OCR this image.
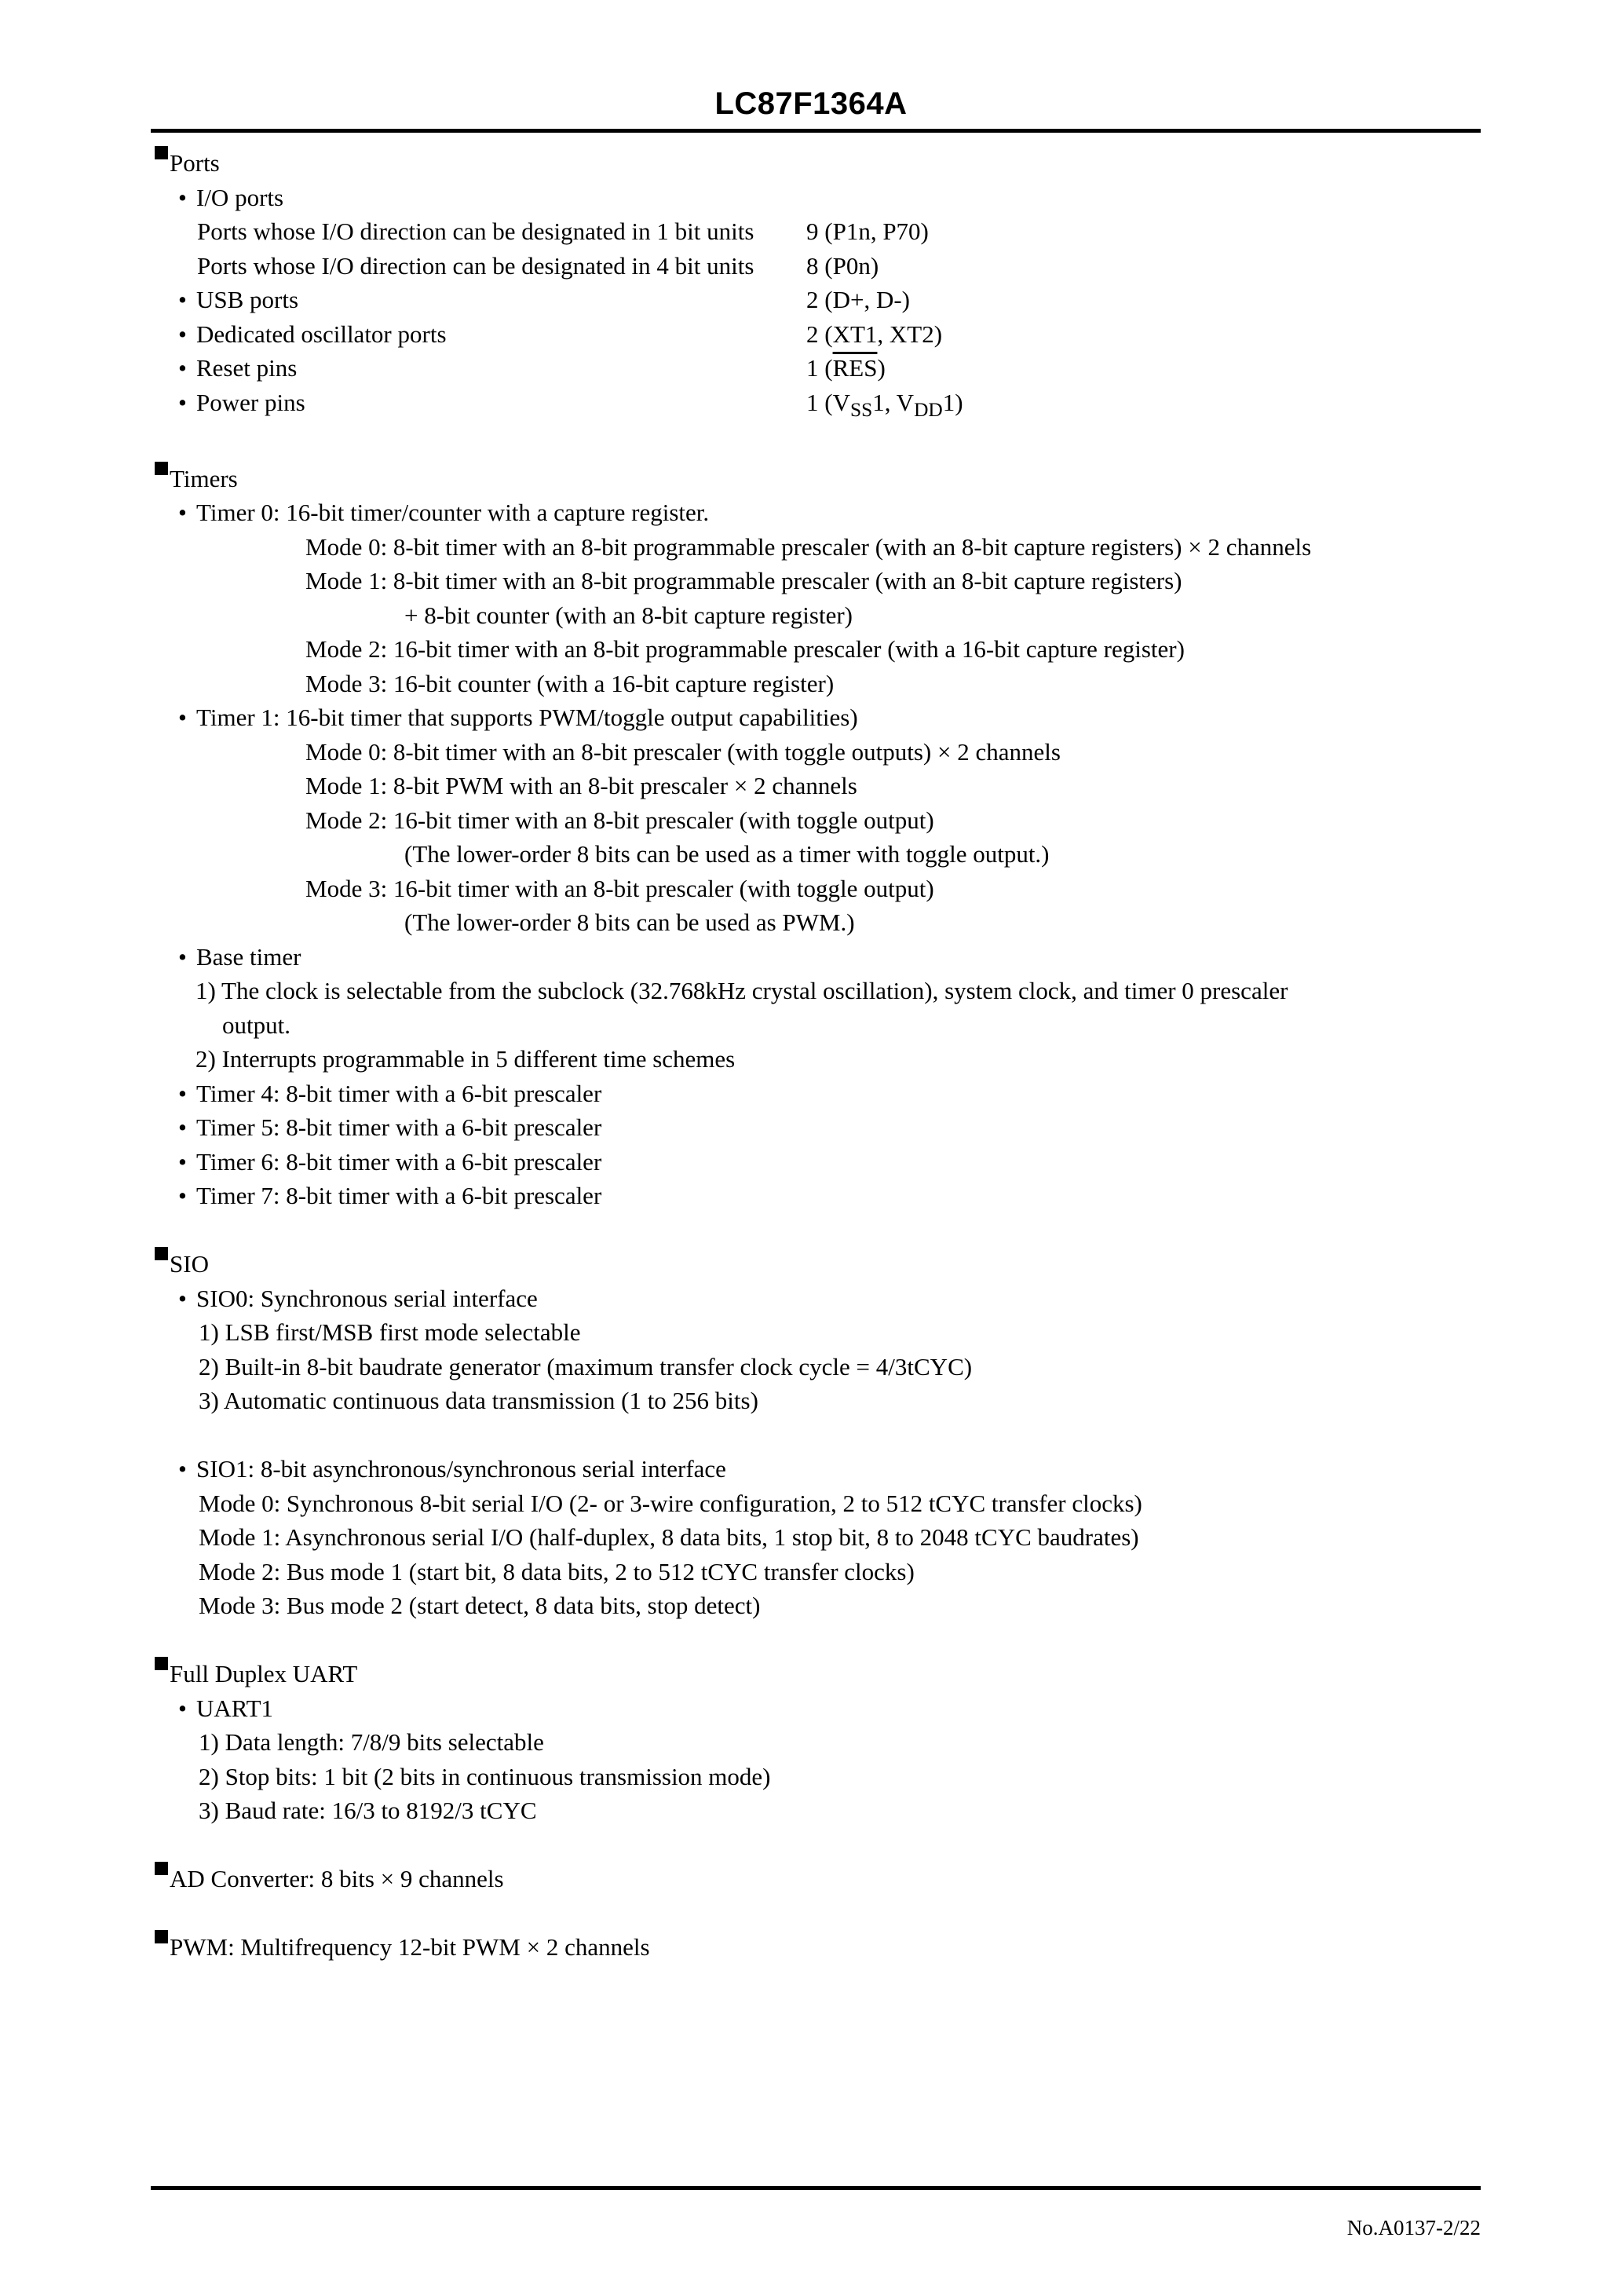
LC87F1364A
Ports
•
I/O ports
Ports whose I/O direction can be designated in 1 bit units	9 (P1n, P70)
Ports whose I/O direction can be designated in 4 bit units	8 (P0n)
•USB ports	2 (D+, D-)
•Dedicated oscillator ports	2 (XT1, XT2)
•Reset pins	1 $(\overline{RES})$
•Power pins	1 ($V_{SS}1$, $V_{DD}1$)
Timers
•
Timer 0: 16-bit timer/counter with a capture register.
Mode 0: 8-bit timer with an 8-bit programmable prescaler (with an 8-bit capture registers) × 2 channels
Mode 1: 8-bit timer with an 8-bit programmable prescaler (with an 8-bit capture registers)
+ 8-bit counter (with an 8-bit capture register)
Mode 2: 16-bit timer with an 8-bit programmable prescaler (with a 16-bit capture register)
Mode 3: 16-bit counter (with a 16-bit capture register)
•
Timer 1: 16-bit timer that supports PWM/toggle output capabilities)
Mode 0: 8-bit timer with an 8-bit prescaler (with toggle outputs) × 2 channels
Mode 1: 8-bit PWM with an 8-bit prescaler × 2 channels
Mode 2: 16-bit timer with an 8-bit prescaler (with toggle output)
(The lower-order 8 bits can be used as a timer with toggle output.)
Mode 3: 16-bit timer with an 8-bit prescaler (with toggle output)
(The lower-order 8 bits can be used as PWM.)
•
Base timer
1) The clock is selectable from the subclock (32.768kHz crystal oscillation), system clock, and timer 0 prescaler
output.
2) Interrupts programmable in 5 different time schemes
•
Timer 4: 8-bit timer with a 6-bit prescaler
•
Timer 5: 8-bit timer with a 6-bit prescaler
•
Timer 6: 8-bit timer with a 6-bit prescaler
•
Timer 7: 8-bit timer with a 6-bit prescaler
SIO
•
SIO0: Synchronous serial interface
1) LSB first/MSB first mode selectable
2) Built-in 8-bit baudrate generator (maximum transfer clock cycle = 4/3tCYC)
3) Automatic continuous data transmission (1 to 256 bits)
•
SIO1: 8-bit asynchronous/synchronous serial interface
Mode 0: Synchronous 8-bit serial I/O (2- or 3-wire configuration, 2 to 512 tCYC transfer clocks)
Mode 1: Asynchronous serial I/O (half-duplex, 8 data bits, 1 stop bit, 8 to 2048 tCYC baudrates)
Mode 2: Bus mode 1 (start bit, 8 data bits, 2 to 512 tCYC transfer clocks)
Mode 3: Bus mode 2 (start detect, 8 data bits, stop detect)
Full Duplex UART
•
UART1
1) Data length: 7/8/9 bits selectable
2) Stop bits: 1 bit (2 bits in continuous transmission mode)
3) Baud rate: 16/3 to 8192/3 tCYC
AD Converter: 8 bits × 9 channels
PWM: Multifrequency 12-bit PWM × 2 channels
No.A0137-2/22
